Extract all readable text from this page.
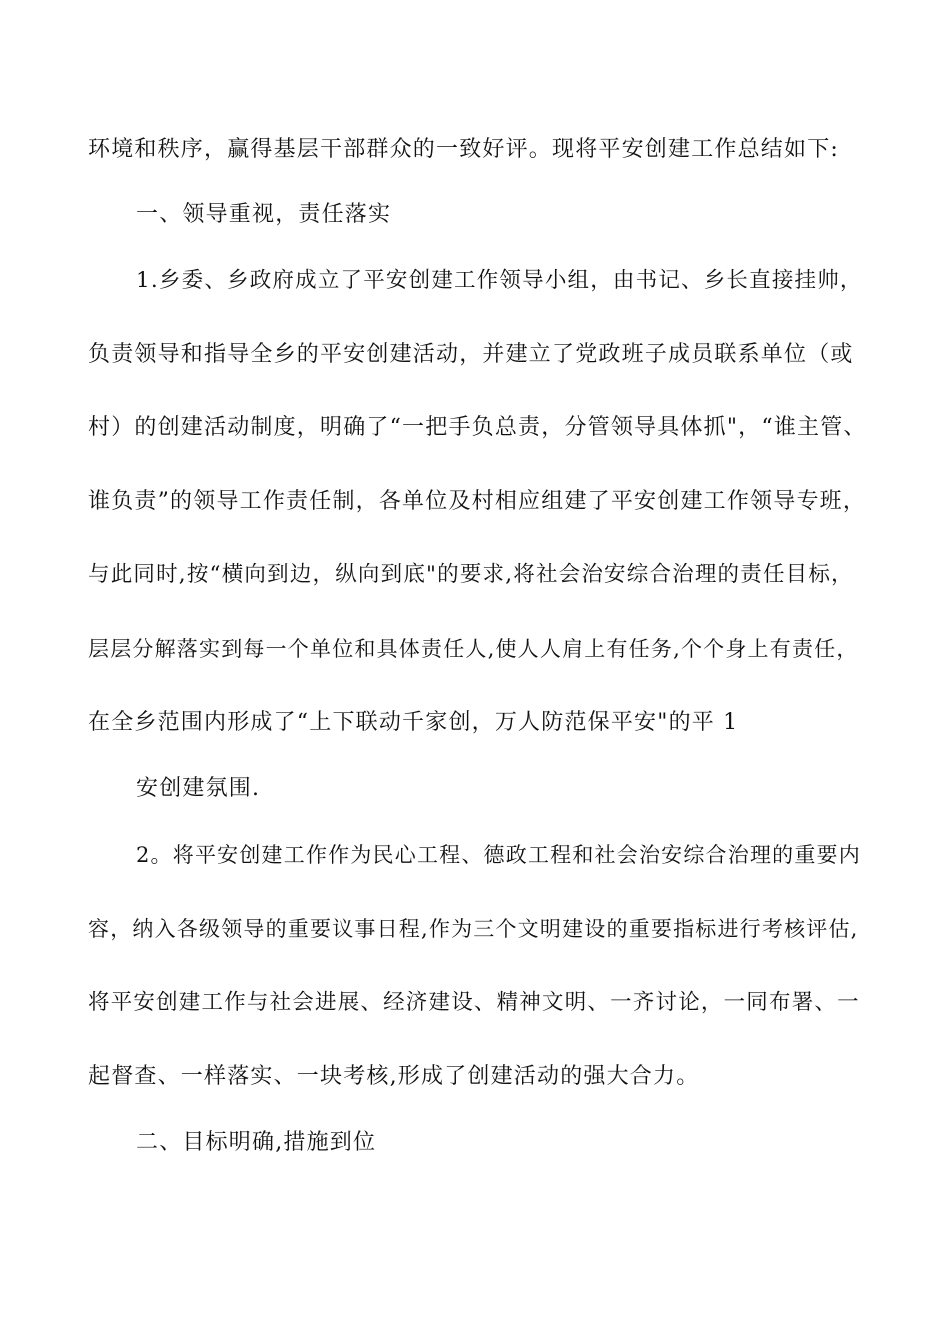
环境和秩序，赢得基层干部群众的一致好评。现将平安创建工作总结如下:
一、领导重视，责任落实
1.乡委、乡政府成立了平安创建工作领导小组，由书记、乡长直接挂帅，
负责领导和指导全乡的平安创建活动，并建立了党政班子成员联系单位（或
村）的创建活动制度，明确了“一把手负总责，分管领导具体抓"，“谁主管、
谁负责”的领导工作责任制，各单位及村相应组建了平安创建工作领导专班，
与此同时,按“横向到边，纵向到底"的要求,将社会治安综合治理的责任目标，
层层分解落实到每一个单位和具体责任人,使人人肩上有任务,个个身上有责任，
在全乡范围内形成了“上下联动千家创，万人防范保平安"的平 1
安创建氛围.
2。将平安创建工作作为民心工程、德政工程和社会治安综合治理的重要内
容，纳入各级领导的重要议事日程,作为三个文明建设的重要指标进行考核评估,
将平安创建工作与社会进展、经济建设、精神文明、一齐讨论，一同布署、一
起督查、一样落实、一块考核,形成了创建活动的强大合力。
二、目标明确,措施到位
